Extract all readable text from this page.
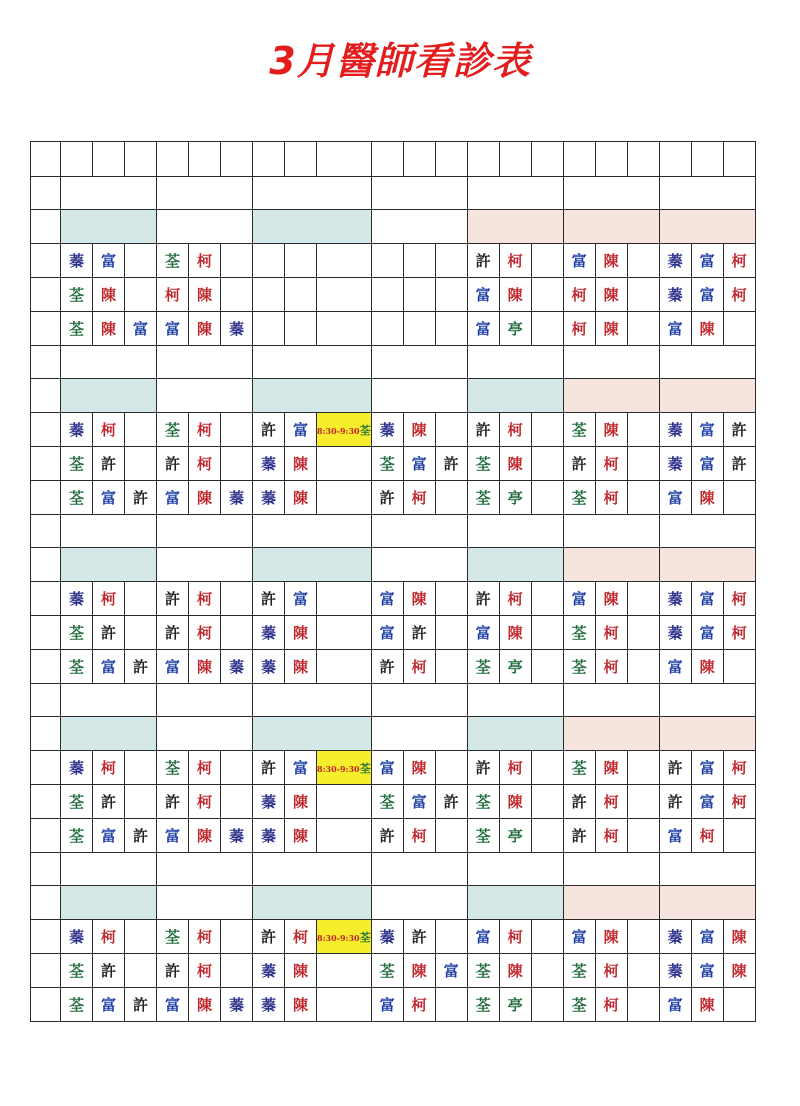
3月醫師看診表

	蓁	富		荃	柯								許	柯		富	陳		蓁	富	柯
	荃	陳		柯	陳								富	陳		柯	陳		蓁	富	柯
	荃	陳	富	富	陳	蓁							富	亭		柯	陳		富	陳	

	蓁	柯		荃	柯		許	富	8:30-9:30荃	蓁	陳		許	柯		荃	陳		蓁	富	許
	荃	許		許	柯		蓁	陳		荃	富	許	荃	陳		許	柯		蓁	富	許
	荃	富	許	富	陳	蓁	蓁	陳		許	柯		荃	亭		荃	柯		富	陳	

	蓁	柯		許	柯		許	富		富	陳		許	柯		富	陳		蓁	富	柯
	荃	許		許	柯		蓁	陳		富	許		富	陳		荃	柯		蓁	富	柯
	荃	富	許	富	陳	蓁	蓁	陳		許	柯		荃	亭		荃	柯		富	陳	

	蓁	柯		荃	柯		許	富	8:30-9:30荃	富	陳		許	柯		荃	陳		許	富	柯
	荃	許		許	柯		蓁	陳		荃	富	許	荃	陳		許	柯		許	富	柯
	荃	富	許	富	陳	蓁	蓁	陳		許	柯		荃	亭		許	柯		富	柯	

	蓁	柯		荃	柯		許	柯	8:30-9:30荃	蓁	許		富	柯		富	陳		蓁	富	陳
	荃	許		許	柯		蓁	陳		荃	陳	富	荃	陳		荃	柯		蓁	富	陳
	荃	富	許	富	陳	蓁	蓁	陳		富	柯		荃	亭		荃	柯		富	陳	
